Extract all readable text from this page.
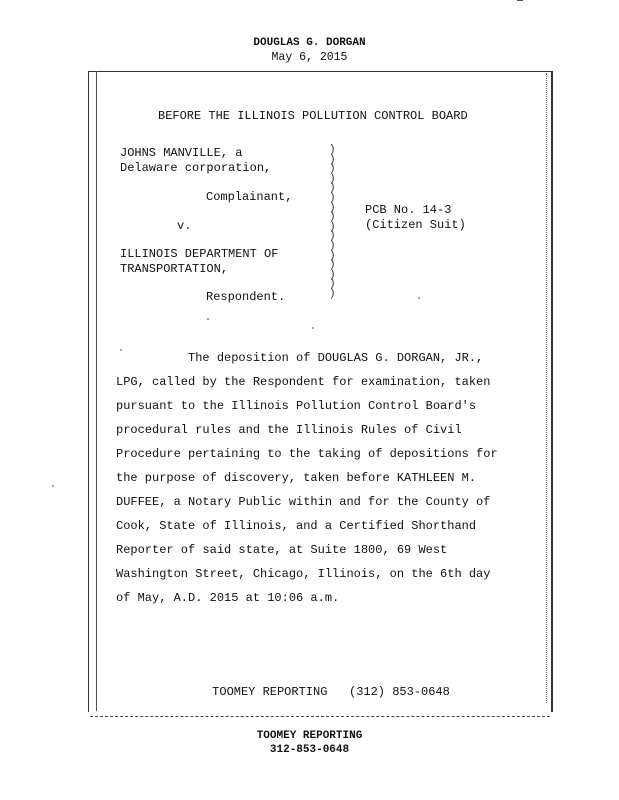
DOUGLAS G. DORGAN
May 6, 2015
BEFORE THE ILLINOIS POLLUTION CONTROL BOARD
JOHNS MANVILLE, a
Delaware corporation,
Complainant,
v.
PCB No. 14-3
(Citizen Suit)
ILLINOIS DEPARTMENT OF
TRANSPORTATION,
Respondent.
)
)
)
)
)
)
)
)
)
)
)
)
)
)
)
)
The deposition of DOUGLAS G. DORGAN, JR.,
LPG, called by the Respondent for examination, taken
pursuant to the Illinois Pollution Control Board's
procedural rules and the Illinois Rules of Civil
Procedure pertaining to the taking of depositions for
the purpose of discovery, taken before KATHLEEN M.
DUFFEE, a Notary Public within and for the County of
Cook, State of Illinois, and a Certified Shorthand
Reporter of said state, at Suite 1800, 69 West
Washington Street, Chicago, Illinois, on the 6th day
of May, A.D. 2015 at 10:06 a.m.
TOOMEY REPORTING   (312) 853-0648
TOOMEY REPORTING
312-853-0648
